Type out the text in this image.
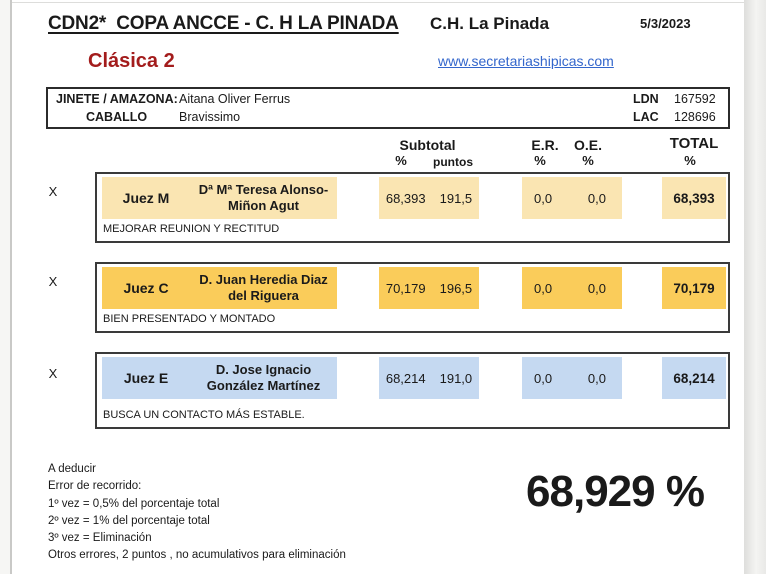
CDN2*  COPA ANCCE - C. H LA PINADA C.H. La Pinada	5/3/2023
Clásica 2	www.secretariashipicas.com
JINETE / AMAZONA: Aitana Oliver Ferrus	LDN 167592
CABALLO	Bravissimo	LAC 128696
Subtotal
%	puntos
E.R.
%
O.E.
%
TOTAL
%
X
X
X
Juez M
Dª Mª Teresa Alonso-Miñon Agut	68,393 191,5	0,0	0,0	68,393
MEJORAR REUNION Y RECTITUD
Juez C
D. Juan Heredia Diaz del Riguera	70,179 196,5	0,0	0,0	70,179
BIEN PRESENTADO Y MONTADO
Juez E
D. Jose Ignacio González Martínez	68,214 191,0	0,0	0,0	68,214
BUSCA UN CONTACTO MÁS ESTABLE.
A deducir
Error de recorrido:
1º vez = 0,5% del porcentaje total
2º vez = 1% del porcentaje total
3º vez = Eliminación
Otros errores, 2 puntos , no acumulativos para eliminación
68,929 %
